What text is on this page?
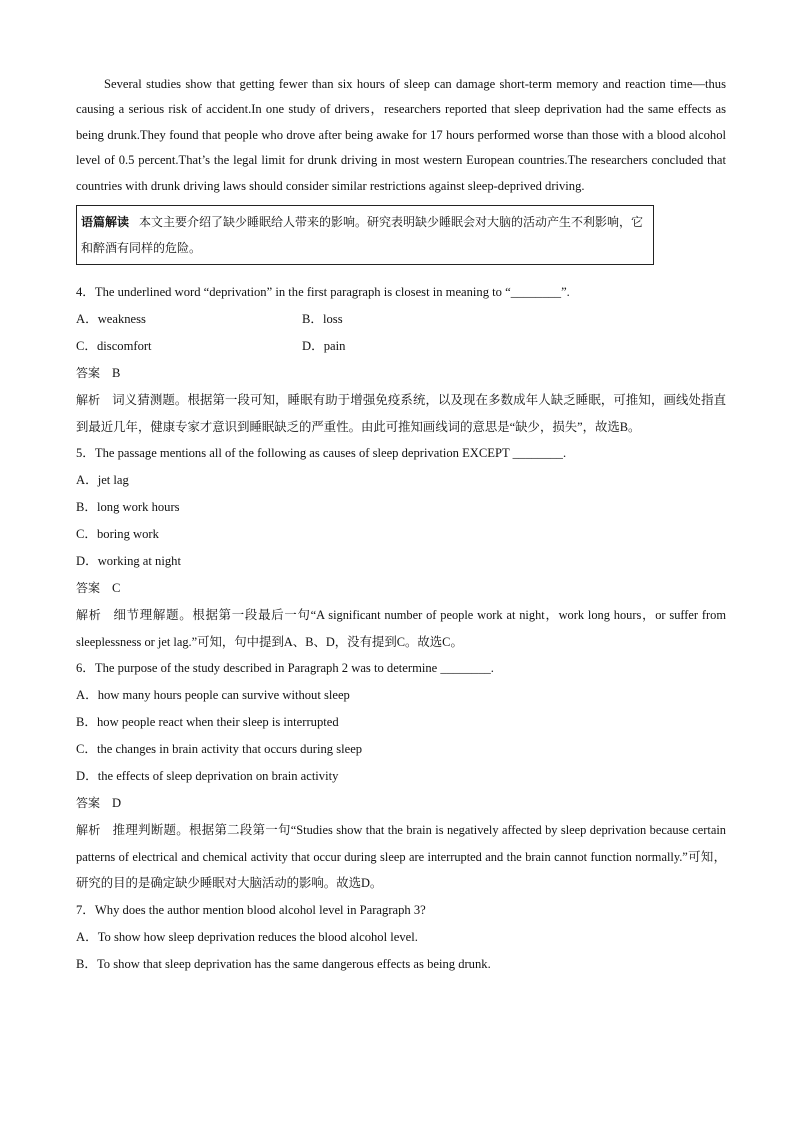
Several studies show that getting fewer than six hours of sleep can damage short-term memory and reaction time—thus causing a serious risk of accident.In one study of drivers，researchers reported that sleep deprivation had the same effects as being drunk.They found that people who drove after being awake for 17 hours performed worse than those with a blood alcohol level of 0.5 percent.That’s the legal limit for drunk driving in most western European countries.The researchers concluded that countries with drunk driving laws should consider similar restrictions against sleep-deprived driving.

语篇解读 本文主要介绍了缺少睡眠给人带来的影响。研究表明缺少睡眠会对大脑的活动产生不利影响，它和醉酒有同样的危险。

4．The underlined word “deprivation” in the first paragraph is closest in meaning to “________”.

A．weakness	B．loss

C．discomfort	D．pain

答案 B

解析 词义猜测题。根据第一段可知，睡眠有助于增强免疫系统，以及现在多数成年人缺乏睡眠，可推知，画线处指直到最近几年，健康专家才意识到睡眠缺乏的严重性。由此可推知画线词的意思是“缺少，损失”，故选B。

5．The passage mentions all of the following as causes of sleep deprivation EXCEPT ________.

A．jet lag

B．long work hours

C．boring work

D．working at night

答案 C

解析 细节理解题。根据第一段最后一句“A significant number of people work at night，work long hours，or suffer from sleeplessness or jet lag.”可知，句中提到A、B、D，没有提到C。故选C。

6．The purpose of the study described in Paragraph 2 was to determine ________.

A．how many hours people can survive without sleep

B．how people react when their sleep is interrupted

C．the changes in brain activity that occurs during sleep

D．the effects of sleep deprivation on brain activity

答案 D

解析 推理判断题。根据第二段第一句“Studies show that the brain is negatively affected by sleep deprivation because certain patterns of electrical and chemical activity that occur during sleep are interrupted and the brain cannot function normally.”可知，研究的目的是确定缺少睡眠对大脑活动的影响。故选D。

7．Why does the author mention blood alcohol level in Paragraph 3?

A．To show how sleep deprivation reduces the blood alcohol level.

B．To show that sleep deprivation has the same dangerous effects as being drunk.
